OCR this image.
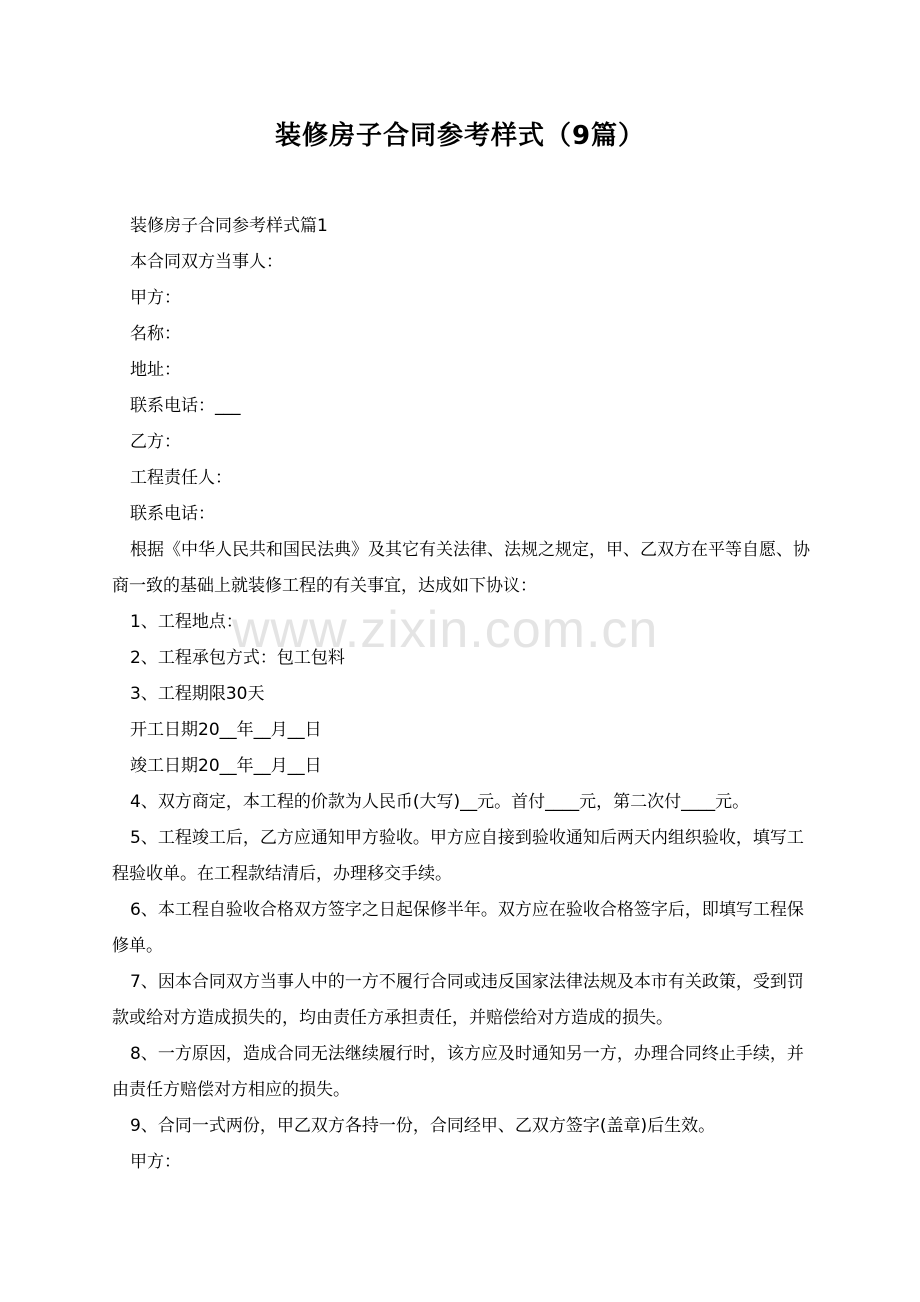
装修房子合同参考样式（9篇）

装修房子合同参考样式篇1

本合同双方当事人：

甲方：

名称：

地址：

联系电话：___

乙方：

工程责任人：

联系电话：

根据《中华人民共和国民法典》及其它有关法律、法规之规定，甲、乙双方在平等自愿、协商一致的基础上就装修工程的有关事宜，达成如下协议：

1、工程地点：

2、工程承包方式：包工包料

3、工程期限30天

开工日期20__年__月__日

竣工日期20__年__月__日

4、双方商定，本工程的价款为人民币(大写)__元。首付____元，第二次付____元。

5、工程竣工后，乙方应通知甲方验收。甲方应自接到验收通知后两天内组织验收，填写工程验收单。在工程款结清后，办理移交手续。

6、本工程自验收合格双方签字之日起保修半年。双方应在验收合格签字后，即填写工程保修单。

7、因本合同双方当事人中的一方不履行合同或违反国家法律法规及本市有关政策，受到罚款或给对方造成损失的，均由责任方承担责任，并赔偿给对方造成的损失。

8、一方原因，造成合同无法继续履行时，该方应及时通知另一方，办理合同终止手续，并由责任方赔偿对方相应的损失。

9、合同一式两份，甲乙双方各持一份，合同经甲、乙双方签字(盖章)后生效。

甲方：

www.zixin.com.cn
